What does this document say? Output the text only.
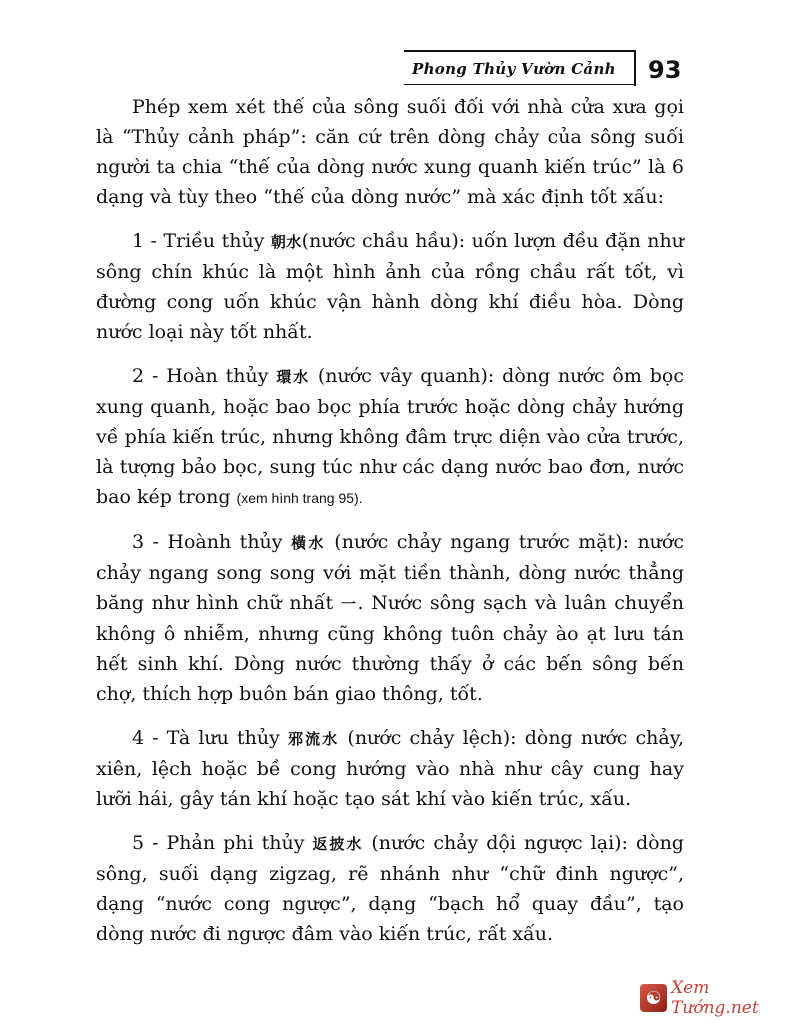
Phong Thủy Vườn Cảnh 93

Phép xem xét thế của sông suối đối với nhà cửa xưa gọi là “Thủy cảnh pháp”: căn cứ trên dòng chảy của sông suối người ta chia “thế của dòng nước xung quanh kiến trúc” là 6 dạng và tùy theo “thế của dòng nước” mà xác định tốt xấu:

1 - Triều thủy 朝水(nước chầu hầu): uốn lượn đều đặn như sông chín khúc là một hình ảnh của rồng chầu rất tốt, vì đường cong uốn khúc vận hành dòng khí điều hòa. Dòng nước loại này tốt nhất.

2 - Hoàn thủy 環水 (nước vây quanh): dòng nước ôm bọc xung quanh, hoặc bao bọc phía trước hoặc dòng chảy hướng về phía kiến trúc, nhưng không đâm trực diện vào cửa trước, là tượng bảo bọc, sung túc như các dạng nước bao đơn, nước bao kép trong (xem hình trang 95).

3 - Hoành thủy 橫水 (nước chảy ngang trước mặt): nước chảy ngang song song với mặt tiền thành, dòng nước thẳng băng như hình chữ nhất 一. Nước sông sạch và luân chuyển không ô nhiễm, nhưng cũng không tuôn chảy ào ạt lưu tán hết sinh khí. Dòng nước thường thấy ở các bến sông bến chợ, thích hợp buôn bán giao thông, tốt.

4 - Tà lưu thủy 邪流水 (nước chảy lệch): dòng nước chảy, xiên, lệch hoặc bề cong hướng vào nhà như cây cung hay lưỡi hái, gây tán khí hoặc tạo sát khí vào kiến trúc, xấu.

5 - Phản phi thủy 返披水 (nước chảy dội ngược lại): dòng sông, suối dạng zigzag, rẽ nhánh như “chữ đinh ngược”, dạng “nước cong ngược”, dạng “bạch hổ quay đầu”, tạo dòng nước đi ngược đâm vào kiến trúc, rất xấu.

☯ Xem Tướng.net
